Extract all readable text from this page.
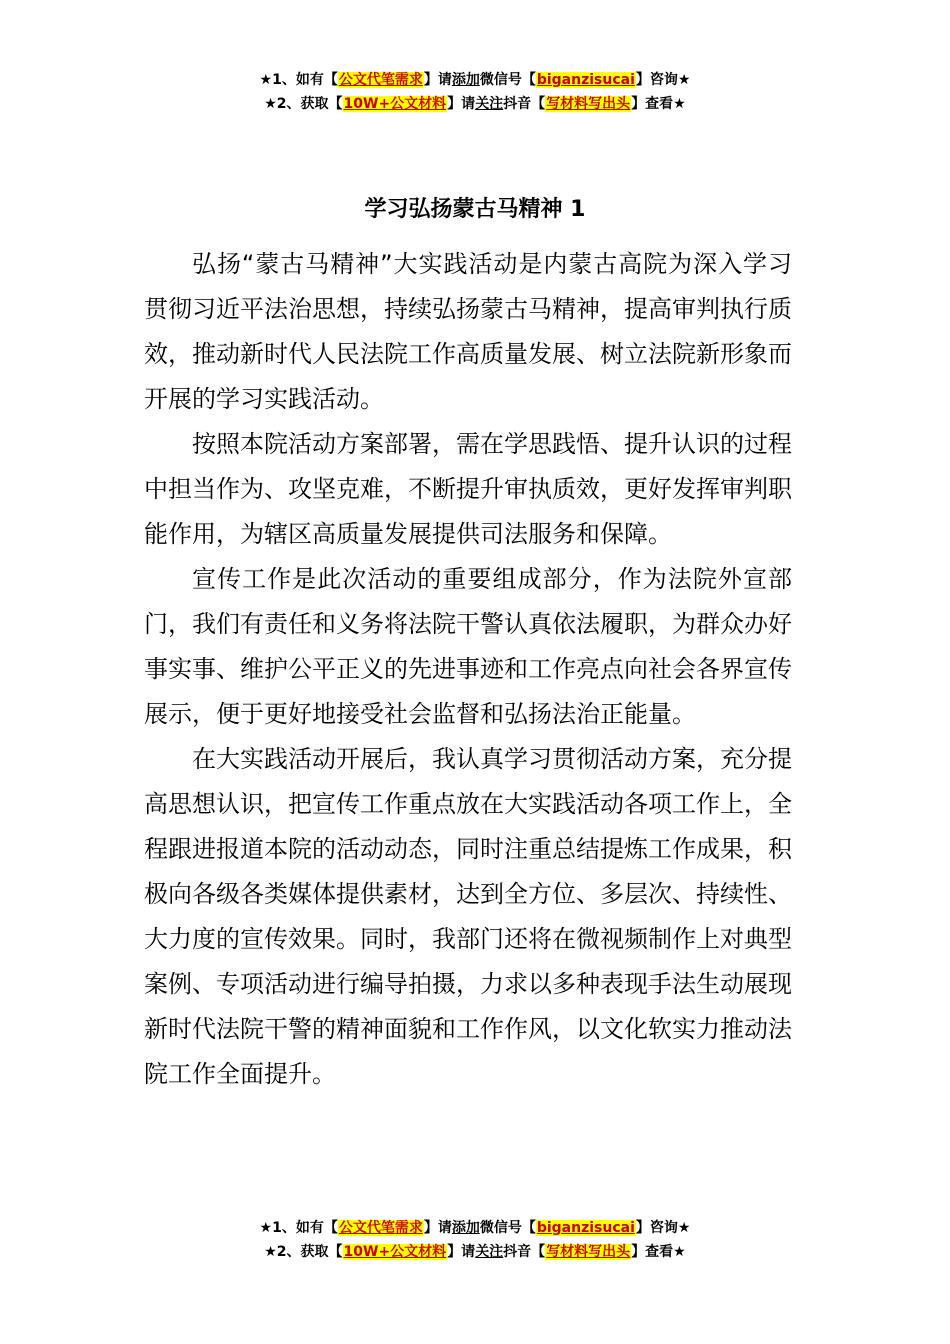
★1、如有【公文代笔需求】请添加微信号【biganzisucai】咨询★
★2、获取【10W+公文材料】请关注抖音【写材料写出头】查看★
学习弘扬蒙古马精神 1

弘扬“蒙古马精神”大实践活动是内蒙古高院为深入学习贯彻习近平法治思想，持续弘扬蒙古马精神，提高审判执行质效，推动新时代人民法院工作高质量发展、树立法院新形象而开展的学习实践活动。

按照本院活动方案部署，需在学思践悟、提升认识的过程中担当作为、攻坚克难，不断提升审执质效，更好发挥审判职能作用，为辖区高质量发展提供司法服务和保障。

宣传工作是此次活动的重要组成部分，作为法院外宣部门，我们有责任和义务将法院干警认真依法履职，为群众办好事实事、维护公平正义的先进事迹和工作亮点向社会各界宣传展示，便于更好地接受社会监督和弘扬法治正能量。

在大实践活动开展后，我认真学习贯彻活动方案，充分提高思想认识，把宣传工作重点放在大实践活动各项工作上，全程跟进报道本院的活动动态，同时注重总结提炼工作成果，积极向各级各类媒体提供素材，达到全方位、多层次、持续性、大力度的宣传效果。同时，我部门还将在微视频制作上对典型案例、专项活动进行编导拍摄，力求以多种表现手法生动展现新时代法院干警的精神面貌和工作作风，以文化软实力推动法院工作全面提升。

★1、如有【公文代笔需求】请添加微信号【biganzisucai】咨询★
★2、获取【10W+公文材料】请关注抖音【写材料写出头】查看★
